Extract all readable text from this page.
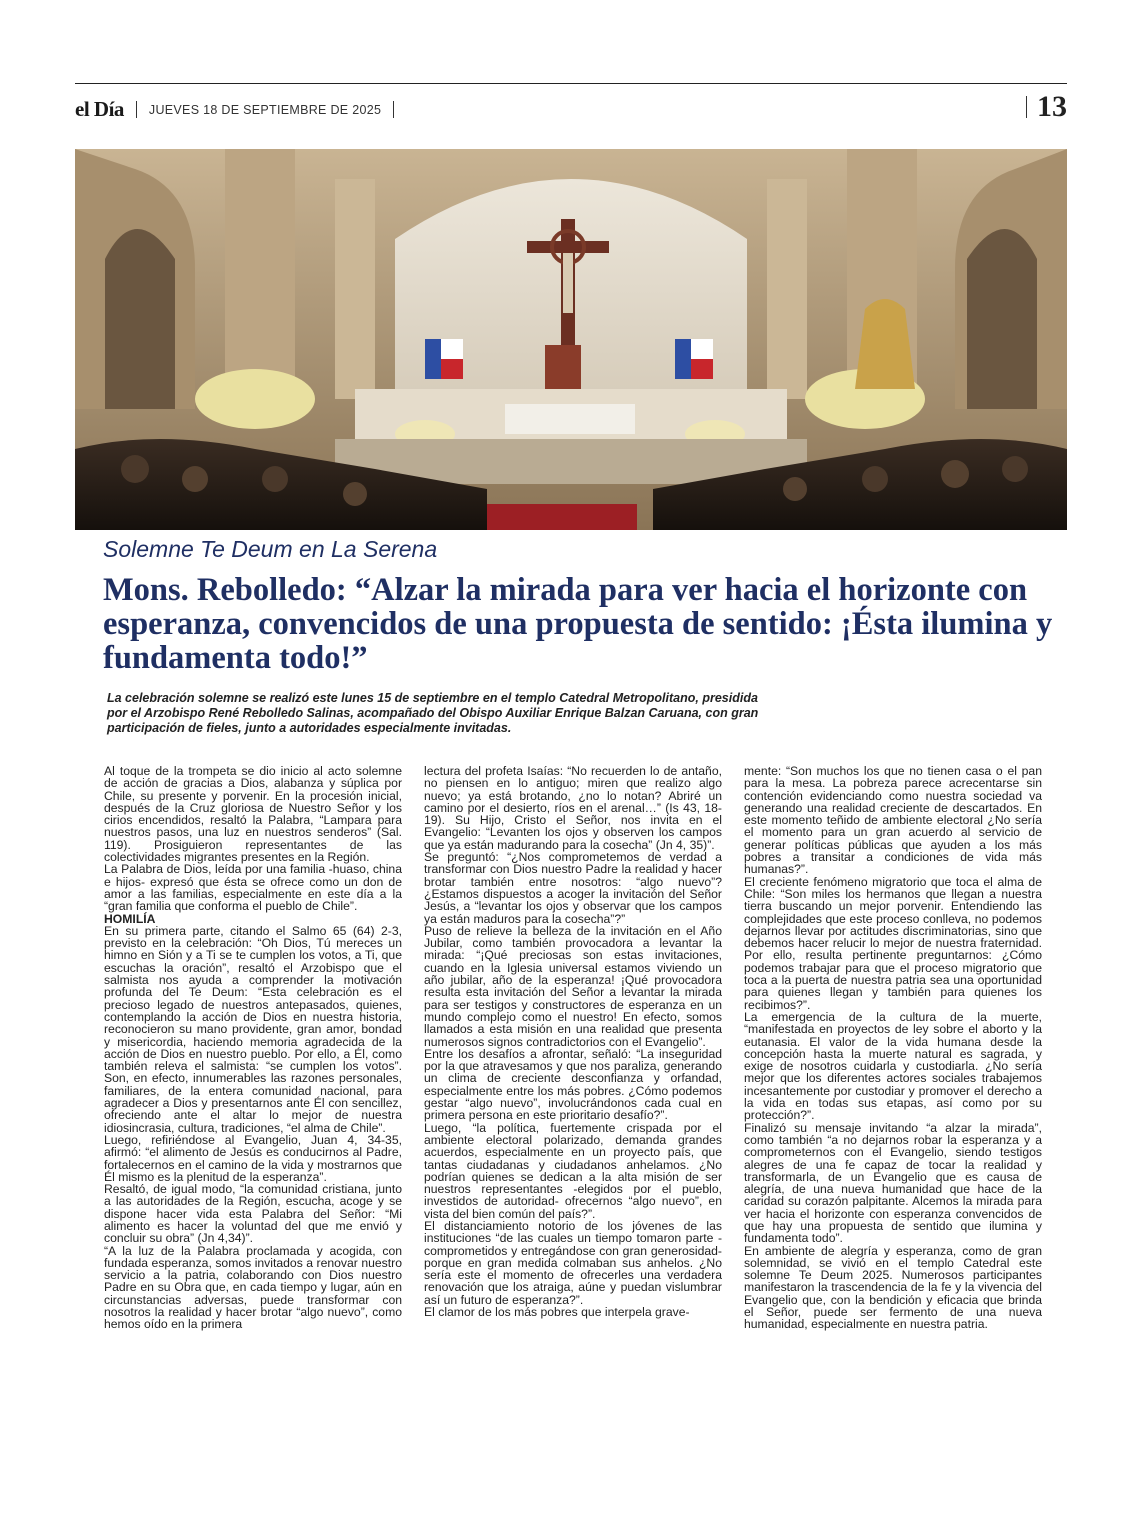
el Día JUEVES 18 DE SEPTIEMBRE DE 2025	13
Solemne Te Deum en La Serena
Mons. Rebolledo: “Alzar la mirada para ver hacia el horizonte con esperanza, convencidos de una propuesta de sentido: ¡Ésta ilumina y fundamenta todo!”
La celebración solemne se realizó este lunes 15 de septiembre en el templo Catedral Metropolitano, presidida por el Arzobispo René Rebolledo Salinas, acompañado del Obispo Auxiliar Enrique Balzan Caruana, con gran participación de fieles, junto a autoridades especialmente invitadas.

Al toque de la trompeta se dio inicio al acto solemne de acción de gracias a Dios, alabanza y súplica por Chile, su presente y porvenir. En la procesión inicial, después de la Cruz gloriosa de Nuestro Señor y los cirios encendidos, resaltó la Palabra, “Lampara para nuestros pasos, una luz en nuestros senderos” (Sal. 119). Prosiguieron representantes de las colectividades migrantes presentes en la Región.

La Palabra de Dios, leída por una familia -huaso, china e hijos- expresó que ésta se ofrece como un don de amor a las familias, especialmente en este día a la “gran familia que conforma el pueblo de Chile”.

HOMILÍA

En su primera parte, citando el Salmo 65 (64) 2-3, previsto en la celebración: “Oh Dios, Tú mereces un himno en Sión y a Ti se te cumplen los votos, a Ti, que escuchas la oración”, resaltó el Arzobispo que el salmista nos ayuda a comprender la motivación profunda del Te Deum: “Esta celebración es el precioso legado de nuestros antepasados, quienes, contemplando la acción de Dios en nuestra historia, reconocieron su mano providente, gran amor, bondad y misericordia, haciendo memoria agradecida de la acción de Dios en nuestro pueblo. Por ello, a Él, como también releva el salmista: “se cumplen los votos”. Son, en efecto, innumerables las razones personales, familiares, de la entera comunidad nacional, para agradecer a Dios y presentarnos ante Él con sencillez, ofreciendo ante el altar lo mejor de nuestra idiosincrasia, cultura, tradiciones, “el alma de Chile”.

Luego, refiriéndose al Evangelio, Juan 4, 34-35, afirmó: “el alimento de Jesús es conducirnos al Padre, fortalecernos en el camino de la vida y mostrarnos que Él mismo es la plenitud de la esperanza”.

Resaltó, de igual modo, “la comunidad cristiana, junto a las autoridades de la Región, escucha, acoge y se dispone hacer vida esta Palabra del Señor: “Mi alimento es hacer la voluntad del que me envió y concluir su obra” (Jn 4,34)”.

“A la luz de la Palabra proclamada y acogida, con fundada esperanza, somos invitados a renovar nuestro servicio a la patria, colaborando con Dios nuestro Padre en su Obra que, en cada tiempo y lugar, aún en circunstancias adversas, puede transformar con nosotros la realidad y hacer brotar “algo nuevo”, como hemos oído en la primera

lectura del profeta Isaías: “No recuerden lo de antaño, no piensen en lo antiguo; miren que realizo algo nuevo; ya está brotando, ¿no lo notan? Abriré un camino por el desierto, ríos en el arenal…” (Is 43, 18-19). Su Hijo, Cristo el Señor, nos invita en el Evangelio: “Levanten los ojos y observen los campos que ya están madurando para la cosecha” (Jn 4, 35)”.

Se preguntó: “¿Nos comprometemos de verdad a transformar con Dios nuestro Padre la realidad y hacer brotar también entre nosotros: “algo nuevo”? ¿Estamos dispuestos a acoger la invitación del Señor Jesús, a “levantar los ojos y observar que los campos ya están maduros para la cosecha”?”

Puso de relieve la belleza de la invitación en el Año Jubilar, como también provocadora a levantar la mirada: “¡Qué preciosas son estas invitaciones, cuando en la Iglesia universal estamos viviendo un año jubilar, año de la esperanza! ¡Qué provocadora resulta esta invitación del Señor a levantar la mirada para ser testigos y constructores de esperanza en un mundo complejo como el nuestro! En efecto, somos llamados a esta misión en una realidad que presenta numerosos signos contradictorios con el Evangelio”.

Entre los desafíos a afrontar, señaló: “La inseguridad por la que atravesamos y que nos paraliza, generando un clima de creciente desconfianza y orfandad, especialmente entre los más pobres. ¿Cómo podemos gestar “algo nuevo”, involucrándonos cada cual en primera persona en este prioritario desafío?”.

Luego, “la política, fuertemente crispada por el ambiente electoral polarizado, demanda grandes acuerdos, especialmente en un proyecto país, que tantas ciudadanas y ciudadanos anhelamos. ¿No podrían quienes se dedican a la alta misión de ser nuestros representantes -elegidos por el pueblo, investidos de autoridad- ofrecernos “algo nuevo”, en vista del bien común del país?”.

El distanciamiento notorio de los jóvenes de las instituciones “de las cuales un tiempo tomaron parte -comprometidos y entregándose con gran generosidad- porque en gran medida colmaban sus anhelos. ¿No sería este el momento de ofrecerles una verdadera renovación que los atraiga, aúne y puedan vislumbrar así un futuro de esperanza?”.

El clamor de los más pobres que interpela grave-

mente: “Son muchos los que no tienen casa o el pan para la mesa. La pobreza parece acrecentarse sin contención evidenciando como nuestra sociedad va generando una realidad creciente de descartados. En este momento teñido de ambiente electoral ¿No sería el momento para un gran acuerdo al servicio de generar políticas públicas que ayuden a los más pobres a transitar a condiciones de vida más humanas?”.

El creciente fenómeno migratorio que toca el alma de Chile: “Son miles los hermanos que llegan a nuestra tierra buscando un mejor porvenir. Entendiendo las complejidades que este proceso conlleva, no podemos dejarnos llevar por actitudes discriminatorias, sino que debemos hacer relucir lo mejor de nuestra fraternidad. Por ello, resulta pertinente preguntarnos: ¿Cómo podemos trabajar para que el proceso migratorio que toca a la puerta de nuestra patria sea una oportunidad para quienes llegan y también para quienes los recibimos?”.

La emergencia de la cultura de la muerte, “manifestada en proyectos de ley sobre el aborto y la eutanasia. El valor de la vida humana desde la concepción hasta la muerte natural es sagrada, y exige de nosotros cuidarla y custodiarla. ¿No sería mejor que los diferentes actores sociales trabajemos incesantemente por custodiar y promover el derecho a la vida en todas sus etapas, así como por su protección?”.

Finalizó su mensaje invitando “a alzar la mirada”, como también “a no dejarnos robar la esperanza y a comprometernos con el Evangelio, siendo testigos alegres de una fe capaz de tocar la realidad y transformarla, de un Evangelio que es causa de alegría, de una nueva humanidad que hace de la caridad su corazón palpitante. Alcemos la mirada para ver hacia el horizonte con esperanza convencidos de que hay una propuesta de sentido que ilumina y fundamenta todo”.

En ambiente de alegría y esperanza, como de gran solemnidad, se vivió en el templo Catedral este solemne Te Deum 2025. Numerosos participantes manifestaron la trascendencia de la fe y la vivencia del Evangelio que, con la bendición y eficacia que brinda el Señor, puede ser fermento de una nueva humanidad, especialmente en nuestra patria.
